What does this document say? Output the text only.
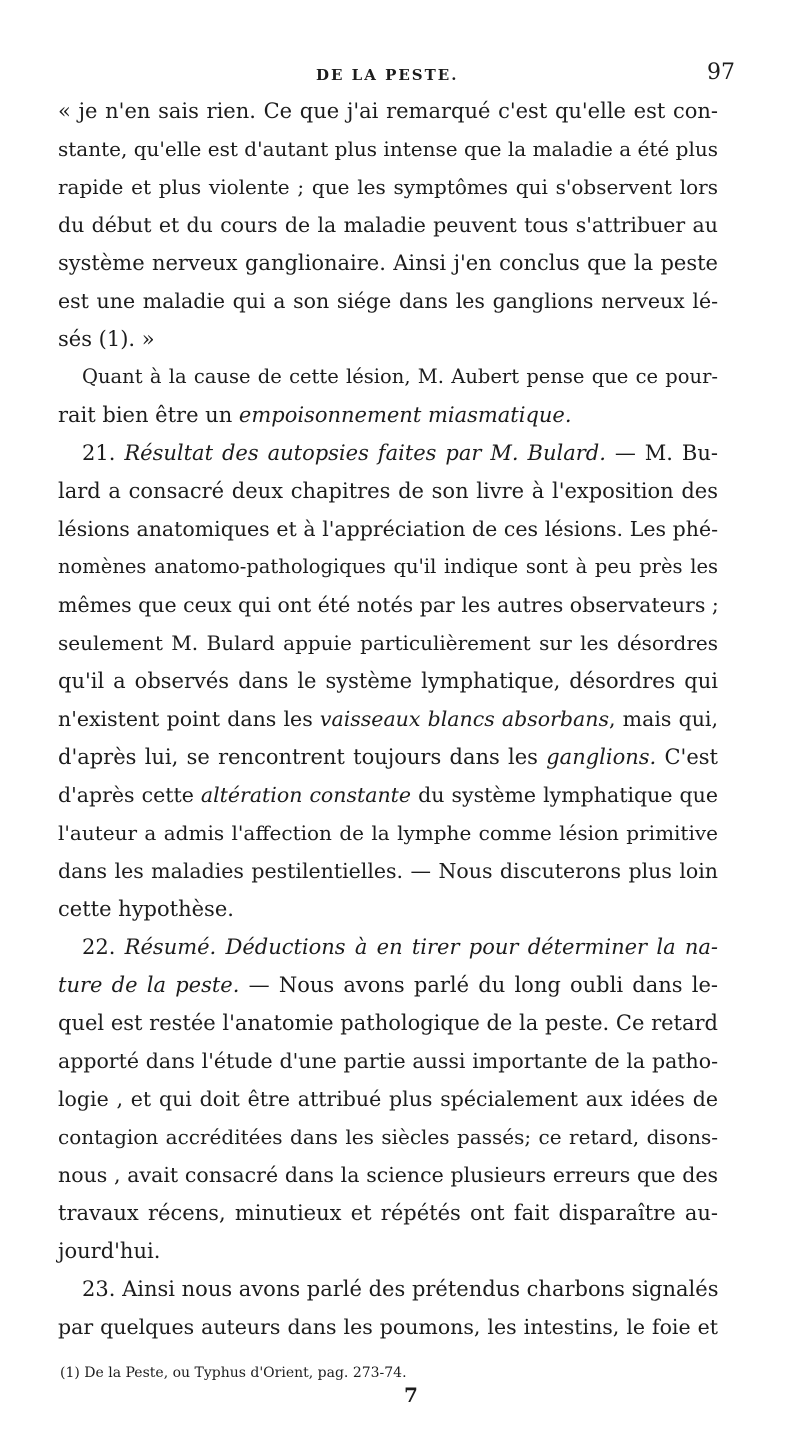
DE LA PESTE.	97
« je n'en sais rien. Ce que j'ai remarqué c'est qu'elle est con-
stante, qu'elle est d'autant plus intense que la maladie a été plus
rapide et plus violente ; que les symptômes qui s'observent lors
du début et du cours de la maladie peuvent tous s'attribuer au
système nerveux ganglionaire. Ainsi j'en conclus que la peste
est une maladie qui a son siége dans les ganglions nerveux lé-
sés (1). »
Quant à la cause de cette lésion, M. Aubert pense que ce pour-
rait bien être un empoisonnement miasmatique.
21. Résultat des autopsies faites par M. Bulard. — M. Bu-
lard a consacré deux chapitres de son livre à l'exposition des
lésions anatomiques et à l'appréciation de ces lésions. Les phé-
nomènes anatomo-pathologiques qu'il indique sont à peu près les
mêmes que ceux qui ont été notés par les autres observateurs ;
seulement M. Bulard appuie particulièrement sur les désordres
qu'il a observés dans le système lymphatique, désordres qui
n'existent point dans les vaisseaux blancs absorbans, mais qui,
d'après lui, se rencontrent toujours dans les ganglions. C'est
d'après cette altération constante du système lymphatique que
l'auteur a admis l'affection de la lymphe comme lésion primitive
dans les maladies pestilentielles. — Nous discuterons plus loin
cette hypothèse.
22. Résumé. Déductions à en tirer pour déterminer la na-
ture de la peste. — Nous avons parlé du long oubli dans le-
quel est restée l'anatomie pathologique de la peste. Ce retard
apporté dans l'étude d'une partie aussi importante de la patho-
logie , et qui doit être attribué plus spécialement aux idées de
contagion accréditées dans les siècles passés; ce retard, disons-
nous , avait consacré dans la science plusieurs erreurs que des
travaux récens, minutieux et répétés ont fait disparaître au-
jourd'hui.
23. Ainsi nous avons parlé des prétendus charbons signalés
par quelques auteurs dans les poumons, les intestins, le foie et
(1) De la Peste, ou Typhus d'Orient, pag. 273-74.
7
